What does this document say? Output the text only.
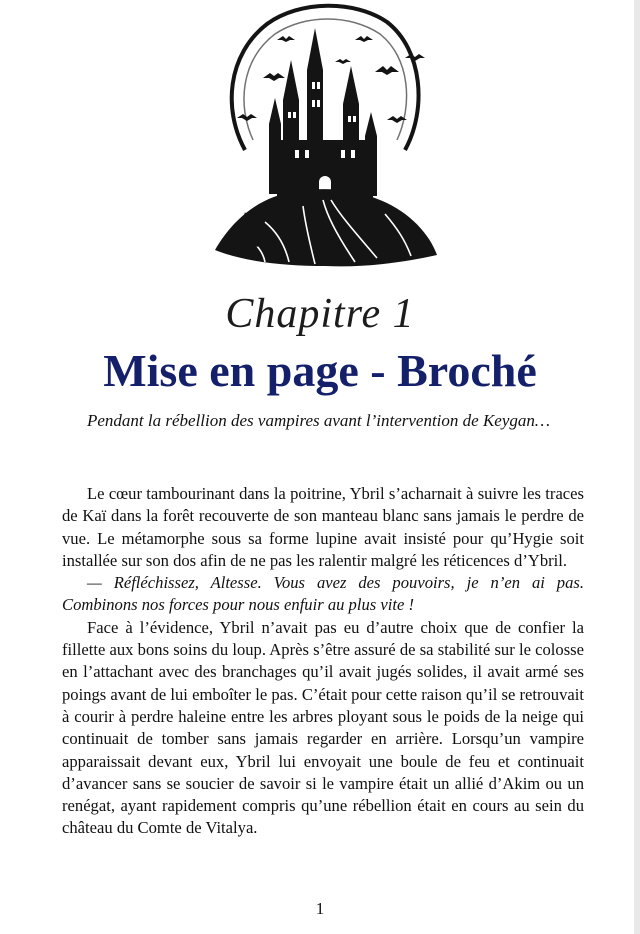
Chapitre 1
Mise en page - Broché
Pendant la rébellion des vampires avant l’intervention de Keygan…

Le cœur tambourinant dans la poitrine, Ybril s’acharnait à suivre les traces de Kaï dans la forêt recouverte de son manteau blanc sans jamais le perdre de vue. Le métamorphe sous sa forme lupine avait insisté pour qu’Hygie soit installée sur son dos afin de ne pas les ralentir malgré les réticences d’Ybril.

— Réfléchissez, Altesse. Vous avez des pouvoirs, je n’en ai pas. Combinons nos forces pour nous enfuir au plus vite !

Face à l’évidence, Ybril n’avait pas eu d’autre choix que de confier la fillette aux bons soins du loup. Après s’être assuré de sa stabilité sur le colosse en l’attachant avec des branchages qu’il avait jugés solides, il avait armé ses poings avant de lui emboîter le pas. C’était pour cette raison qu’il se retrouvait à courir à perdre haleine entre les arbres ployant sous le poids de la neige qui continuait de tomber sans jamais regarder en arrière. Lorsqu’un vampire apparaissait devant eux, Ybril lui envoyait une boule de feu et continuait d’avancer sans se soucier de savoir si le vampire était un allié d’Akim ou un renégat, ayant rapidement compris qu’une rébellion était en cours au sein du château du Comte de Vitalya.

1
